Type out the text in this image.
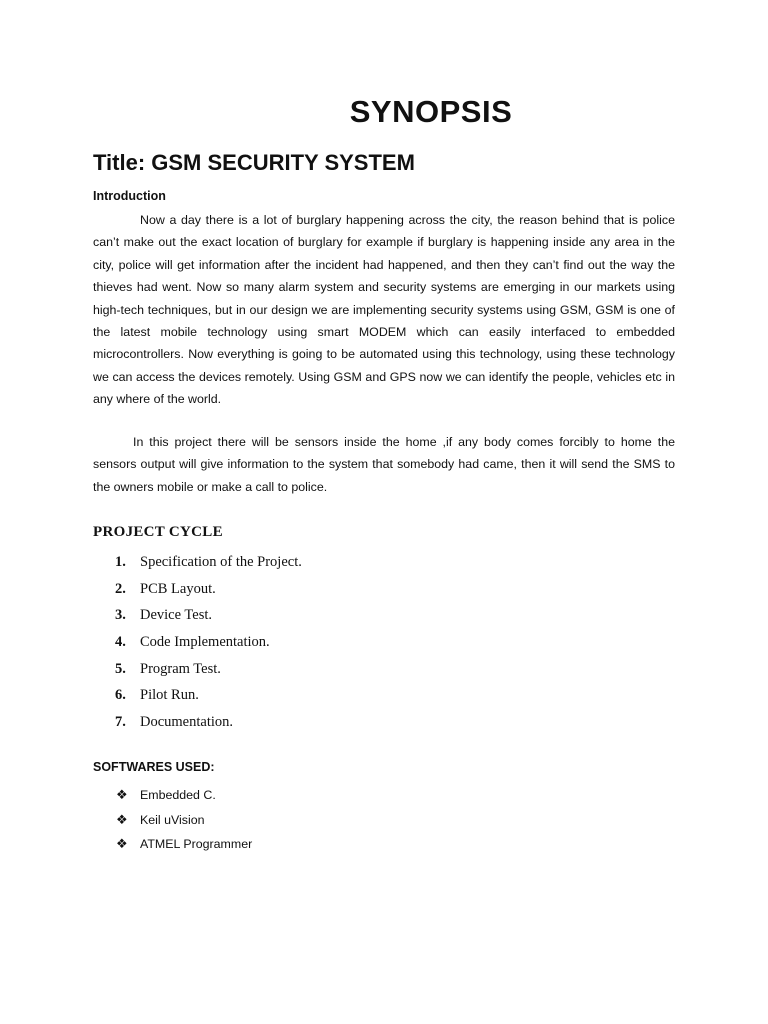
SYNOPSIS
Title: GSM SECURITY SYSTEM
Introduction

Now a day there is a lot of burglary happening across the city, the reason behind that is police can’t make out the exact location of burglary for example if burglary is happening inside any area in the city, police will get information after the incident had happened, and then they can’t find out the way the thieves had went. Now so many alarm system and security systems are emerging in our markets using high-tech techniques, but in our design we are implementing security systems using GSM, GSM is one of the latest mobile technology using smart MODEM which can easily interfaced to embedded microcontrollers. Now everything is going to be automated using this technology, using these technology we can access the devices remotely. Using GSM and GPS now we can identify the people, vehicles etc in any where of the world.

In this project there will be sensors inside the home ,if any body comes forcibly to home the sensors output will give information to the system that somebody had came, then it will send the SMS to the owners mobile or make a call to police.

PROJECT CYCLE
1. Specification of the Project.
2. PCB Layout.
3. Device Test.
4. Code Implementation.
5. Program Test.
6. Pilot Run.
7. Documentation.
SOFTWARES USED:
❖ Embedded C.
❖ Keil uVision
❖ ATMEL Programmer
